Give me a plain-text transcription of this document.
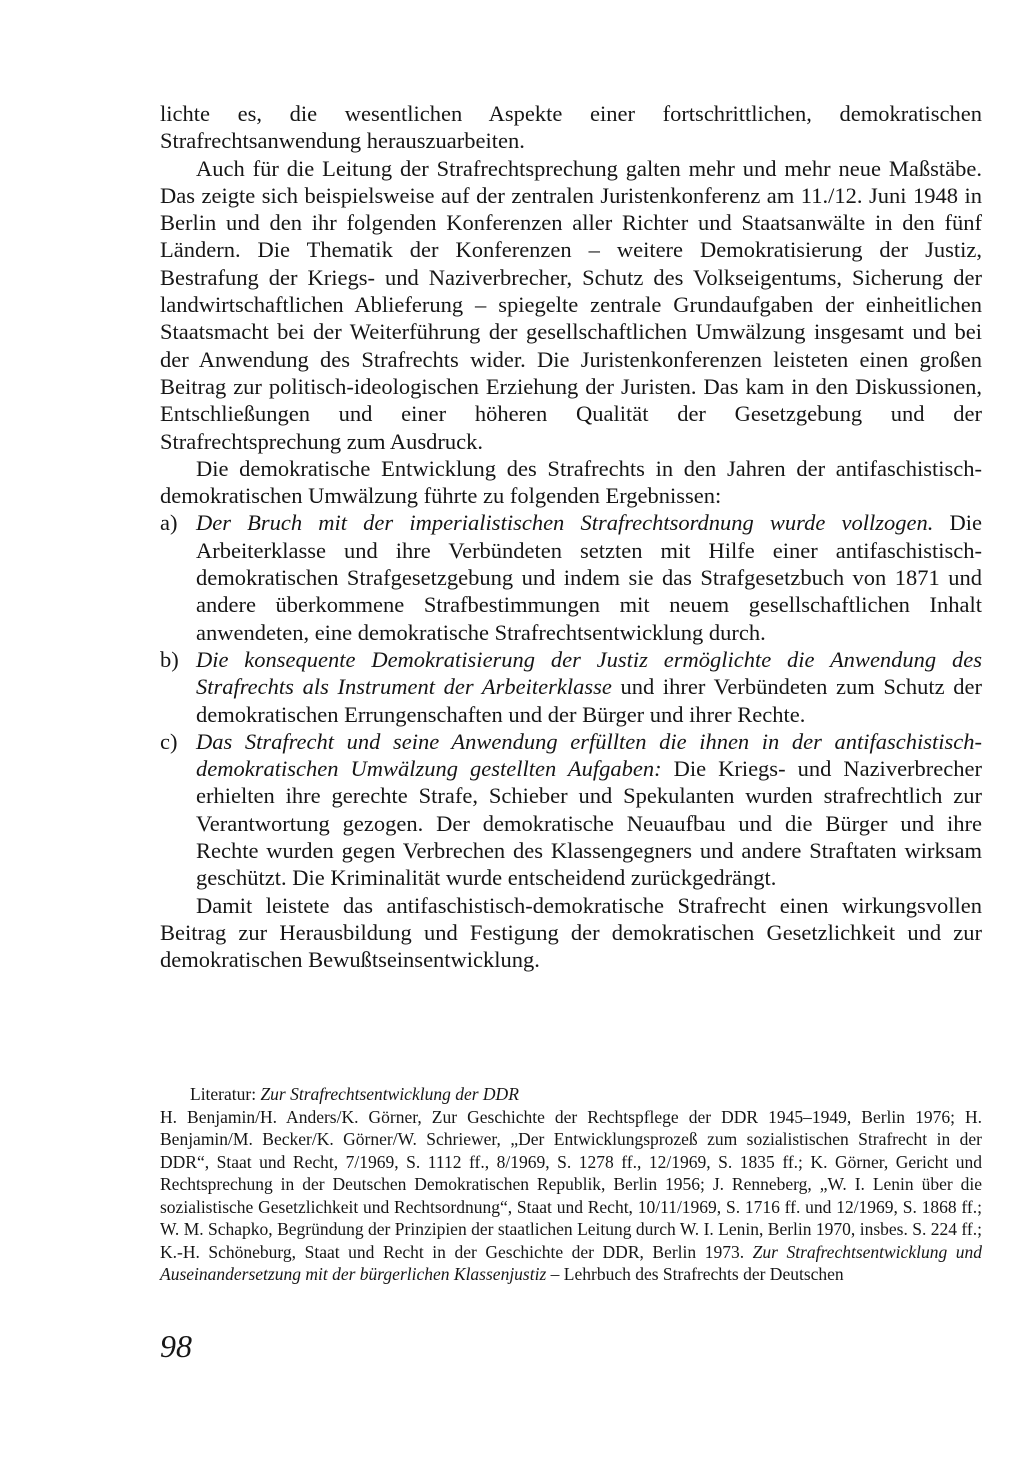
lichte es, die wesentlichen Aspekte einer fortschrittlichen, demokratischen Strafrechtsanwendung herauszuarbeiten.

Auch für die Leitung der Strafrechtsprechung galten mehr und mehr neue Maßstäbe. Das zeigte sich beispielsweise auf der zentralen Juristenkonferenz am 11./12. Juni 1948 in Berlin und den ihr folgenden Konferenzen aller Richter und Staatsanwälte in den fünf Ländern. Die Thematik der Konferenzen – weitere Demokratisierung der Justiz, Bestrafung der Kriegs- und Naziverbrecher, Schutz des Volkseigentums, Sicherung der landwirtschaftlichen Ablieferung – spiegelte zentrale Grundaufgaben der einheitlichen Staatsmacht bei der Weiterführung der gesellschaftlichen Umwälzung insgesamt und bei der Anwendung des Strafrechts wider. Die Juristenkonferenzen leisteten einen großen Beitrag zur politisch-ideologischen Erziehung der Juristen. Das kam in den Diskussionen, Entschließungen und einer höheren Qualität der Gesetzgebung und der Strafrechtsprechung zum Ausdruck.

Die demokratische Entwicklung des Strafrechts in den Jahren der antifaschistisch-demokratischen Umwälzung führte zu folgenden Ergebnissen:

a) Der Bruch mit der imperialistischen Strafrechtsordnung wurde vollzogen. Die Arbeiterklasse und ihre Verbündeten setzten mit Hilfe einer antifaschistisch-demokratischen Strafgesetzgebung und indem sie das Strafgesetzbuch von 1871 und andere überkommene Strafbestimmungen mit neuem gesellschaftlichen Inhalt anwendeten, eine demokratische Strafrechtsentwicklung durch.
b) Die konsequente Demokratisierung der Justiz ermöglichte die Anwendung des Strafrechts als Instrument der Arbeiterklasse und ihrer Verbündeten zum Schutz der demokratischen Errungenschaften und der Bürger und ihrer Rechte.
c) Das Strafrecht und seine Anwendung erfüllten die ihnen in der antifaschistisch-demokratischen Umwälzung gestellten Aufgaben: Die Kriegs- und Naziverbrecher erhielten ihre gerechte Strafe, Schieber und Spekulanten wurden strafrechtlich zur Verantwortung gezogen. Der demokratische Neuaufbau und die Bürger und ihre Rechte wurden gegen Verbrechen des Klassengegners und andere Straftaten wirksam geschützt. Die Kriminalität wurde entscheidend zurückgedrängt.

Damit leistete das antifaschistisch-demokratische Strafrecht einen wirkungsvollen Beitrag zur Herausbildung und Festigung der demokratischen Gesetzlichkeit und zur demokratischen Bewußtseinsentwicklung.

Literatur: Zur Strafrechtsentwicklung der DDR

H. Benjamin/H. Anders/K. Görner, Zur Geschichte der Rechtspflege der DDR 1945–1949, Berlin 1976; H. Benjamin/M. Becker/K. Görner/W. Schriewer, „Der Entwicklungsprozeß zum sozialistischen Strafrecht in der DDR“, Staat und Recht, 7/1969, S. 1112 ff., 8/1969, S. 1278 ff., 12/1969, S. 1835 ff.; K. Görner, Gericht und Rechtsprechung in der Deutschen Demokratischen Republik, Berlin 1956; J. Renneberg, „W. I. Lenin über die sozialistische Gesetzlichkeit und Rechtsordnung“, Staat und Recht, 10/11/1969, S. 1716 ff. und 12/1969, S. 1868 ff.; W. M. Schapko, Begründung der Prinzipien der staatlichen Leitung durch W. I. Lenin, Berlin 1970, insbes. S. 224 ff.; K.-H. Schöneburg, Staat und Recht in der Geschichte der DDR, Berlin 1973. Zur Strafrechtsentwicklung und Auseinandersetzung mit der bürgerlichen Klassenjustiz – Lehrbuch des Strafrechts der Deutschen

98
